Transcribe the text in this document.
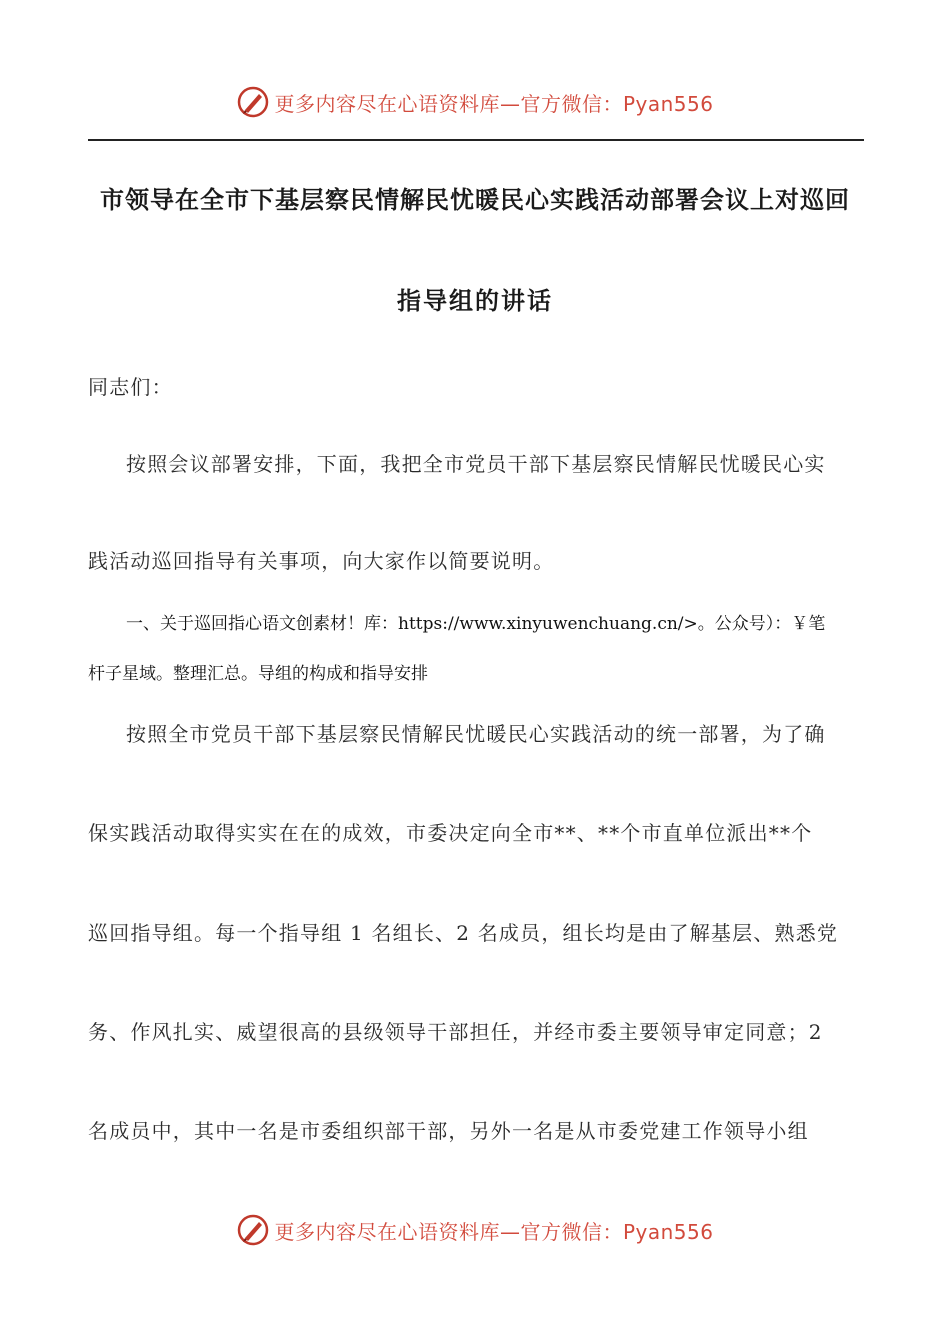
更多内容尽在心语资料库—官方微信：Pyan556
市领导在全市下基层察民情解民忧暖民心实践活动部署会议上对巡回
指导组的讲话
同志们：
按照会议部署安排，下面，我把全市党员干部下基层察民情解民忧暖民心实
践活动巡回指导有关事项，向大家作以简要说明。
一、关于巡回指心语文创素材！库：https://www.xinyuwenchuang.cn/>。公众号）：￥笔
杆子星域。整理汇总。导组的构成和指导安排
按照全市党员干部下基层察民情解民忧暖民心实践活动的统一部署，为了确
保实践活动取得实实在在的成效，市委决定向全市**、**个市直单位派出**个
巡回指导组。每一个指导组 1 名组长、2 名成员，组长均是由了解基层、熟悉党
务、作风扎实、威望很高的县级领导干部担任，并经市委主要领导审定同意；2
名成员中，其中一名是市委组织部干部，另外一名是从市委党建工作领导小组
更多内容尽在心语资料库—官方微信：Pyan556
